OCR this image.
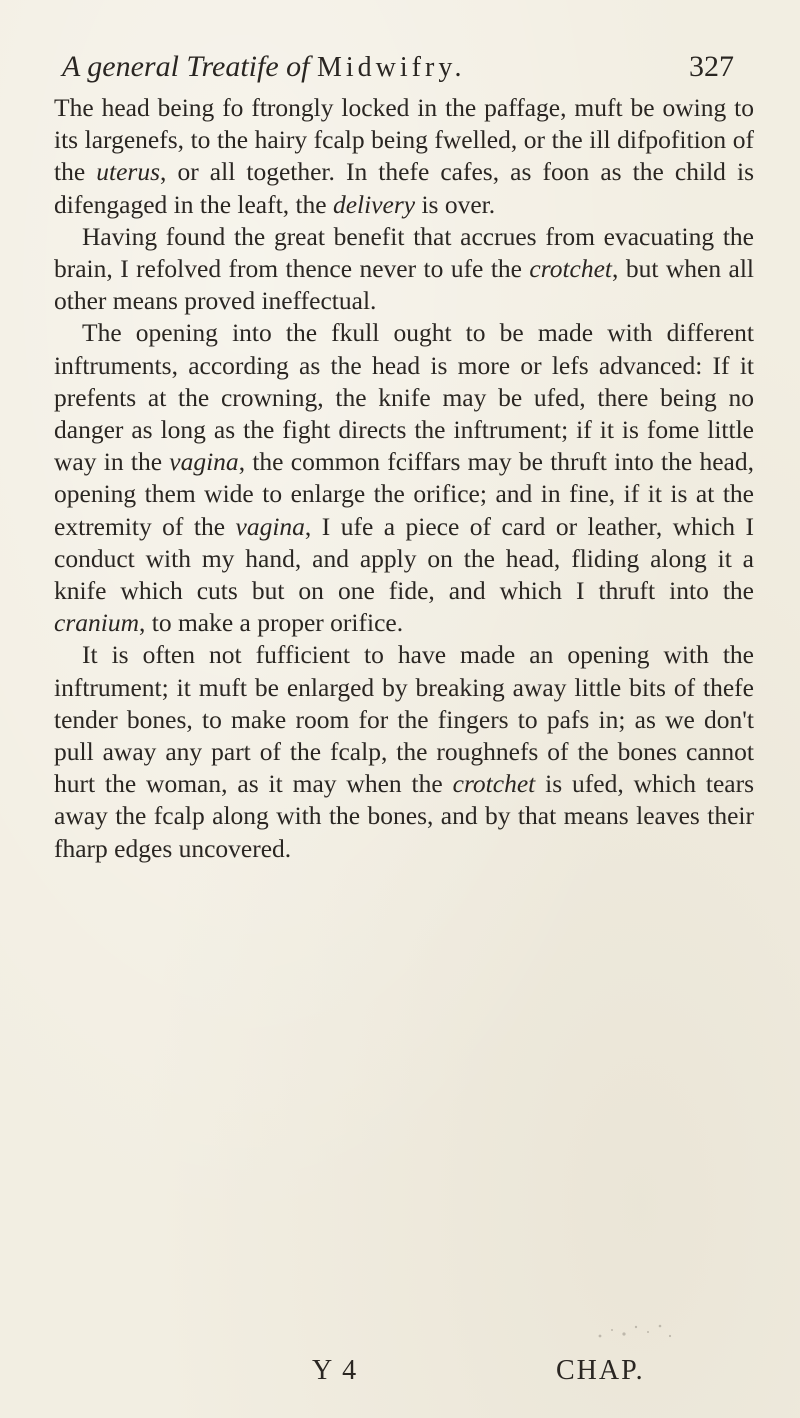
A general Treatife of Midwifry.	327

The head being fo ftrongly locked in the paffage, muft be owing to its largenefs, to the hairy fcalp being fwelled, or the ill difpofition of the uterus, or all together. In thefe cafes, as foon as the child is difengaged in the leaft, the delivery is over.

Having found the great benefit that accrues from evacuating the brain, I refolved from thence never to ufe the crotchet, but when all other means proved ineffectual.

The opening into the fkull ought to be made with different inftruments, according as the head is more or lefs advanced: If it prefents at the crowning, the knife may be ufed, there being no danger as long as the fight directs the inftrument; if it is fome little way in the vagina, the common fciffars may be thruft into the head, opening them wide to enlarge the orifice; and in fine, if it is at the extremity of the vagina, I ufe a piece of card or leather, which I conduct with my hand, and apply on the head, fliding along it a knife which cuts but on one fide, and which I thruft into the cranium, to make a proper orifice.

It is often not fufficient to have made an opening with the inftrument; it muft be enlarged by breaking away little bits of thefe tender bones, to make room for the fingers to pafs in; as we don't pull away any part of the fcalp, the roughnefs of the bones cannot hurt the woman, as it may when the crotchet is ufed, which tears away the fcalp along with the bones, and by that means leaves their fharp edges uncovered.

Y 4	CHAP.
